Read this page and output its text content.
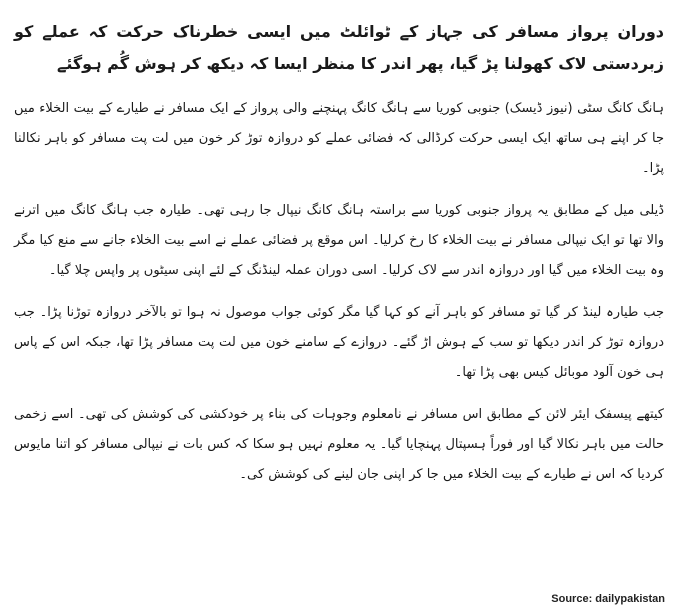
دوران پرواز مسافر کی جہاز کے ٹوائلٹ میں ایسی خطرناک حرکت کہ عملے کو زبردستی لاک کھولنا پڑ گیا، پھر اندر کا منظر ایسا کہ دیکھ کر ہوش گُم ہوگئے

ہانگ کانگ سٹی (نیوز ڈیسک) جنوبی کوریا سے ہانگ کانگ پہنچنے والی پرواز کے ایک مسافر نے طیارے کے بیت الخلاء میں جا کر اپنے ہی ساتھ ایک ایسی حرکت کرڈالی کہ فضائی عملے کو دروازہ توڑ کر خون میں لت پت مسافر کو باہر نکالنا پڑا۔

ڈیلی میل کے مطابق یہ پرواز جنوبی کوریا سے براستہ ہانگ کانگ نیپال جا رہی تھی۔ طیارہ جب ہانگ کانگ میں اترنے والا تھا تو ایک نیپالی مسافر نے بیت الخلاء کا رخ کرلیا۔ اس موقع پر فضائی عملے نے اسے بیت الخلاء جانے سے منع کیا مگر وہ بیت الخلاء میں گیا اور دروازہ اندر سے لاک کرلیا۔ اسی دوران عملہ لینڈنگ کے لئے اپنی سیٹوں پر واپس چلا گیا۔

جب طیارہ لینڈ کر گیا تو مسافر کو باہر آنے کو کہا گیا مگر کوئی جواب موصول نہ ہوا تو بالآخر دروازہ توڑنا پڑا۔ جب دروازہ توڑ کر اندر دیکھا تو سب کے ہوش اڑ گئے۔ دروازے کے سامنے خون میں لت پت مسافر پڑا تھا، جبکہ اس کے پاس ہی خون آلود موبائل کیس بھی پڑا تھا۔

کیتھے پیسفک ایئر لائن کے مطابق اس مسافر نے نامعلوم وجوہات کی بناء پر خودکشی کی کوشش کی تھی۔ اسے زخمی حالت میں باہر نکالا گیا اور فوراً ہسپتال پہنچایا گیا۔ یہ معلوم نہیں ہو سکا کہ کس بات نے نیپالی مسافر کو اتنا مایوس کردیا کہ اس نے طیارے کے بیت الخلاء میں جا کر اپنی جان لینے کی کوشش کی۔

Source: dailypakistan
